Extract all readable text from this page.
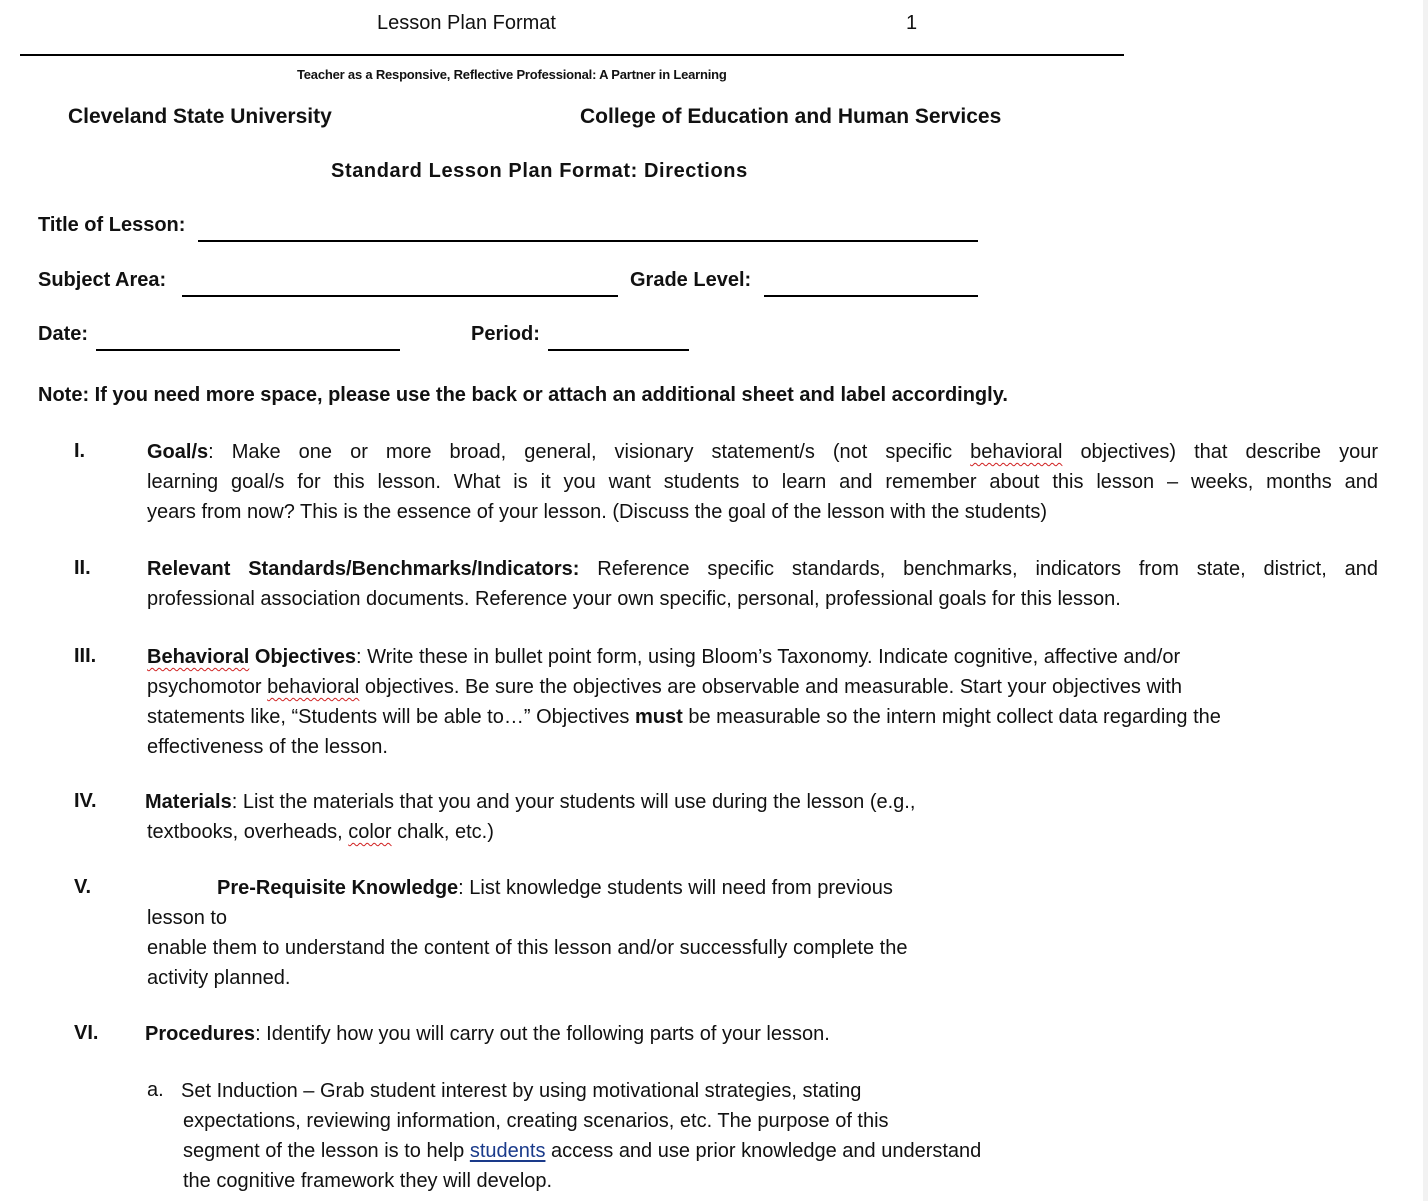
Lesson Plan Format	1
Teacher as a Responsive, Reflective Professional: A Partner in Learning
Cleveland State University	College of Education and Human Services
Standard Lesson Plan Format: Directions
Title of Lesson:
Subject Area:	Grade Level:
Date:	Period:
Note: If you need more space, please use the back or attach an additional sheet and label accordingly.
I.	Goal/s: Make one or more broad, general, visionary statement/s (not specific behavioral objectives) that describe your
learning goal/s for this lesson. What is it you want students to learn and remember about this lesson – weeks, months and
years from now? This is the essence of your lesson. (Discuss the goal of the lesson with the students)
II.	Relevant Standards/Benchmarks/Indicators: Reference specific standards, benchmarks, indicators from state, district, and
professional association documents. Reference your own specific, personal, professional goals for this lesson.
III.	Behavioral Objectives: Write these in bullet point form, using Bloom’s Taxonomy. Indicate cognitive, affective and/or
psychomotor behavioral objectives. Be sure the objectives are observable and measurable. Start your objectives with
statements like, “Students will be able to…” Objectives must be measurable so the intern might collect data regarding the
effectiveness of the lesson.
IV. Materials: List the materials that you and your students will use during the lesson (e.g.,
textbooks, overheads, color chalk, etc.)
V.	Pre-Requisite Knowledge: List knowledge students will need from previous
lesson to
enable them to understand the content of this lesson and/or successfully complete the
activity planned.
VI. Procedures: Identify how you will carry out the following parts of your lesson.
a. Set Induction – Grab student interest by using motivational strategies, stating
expectations, reviewing information, creating scenarios, etc. The purpose of this
segment of the lesson is to help students access and use prior knowledge and understand
the cognitive framework they will develop.
